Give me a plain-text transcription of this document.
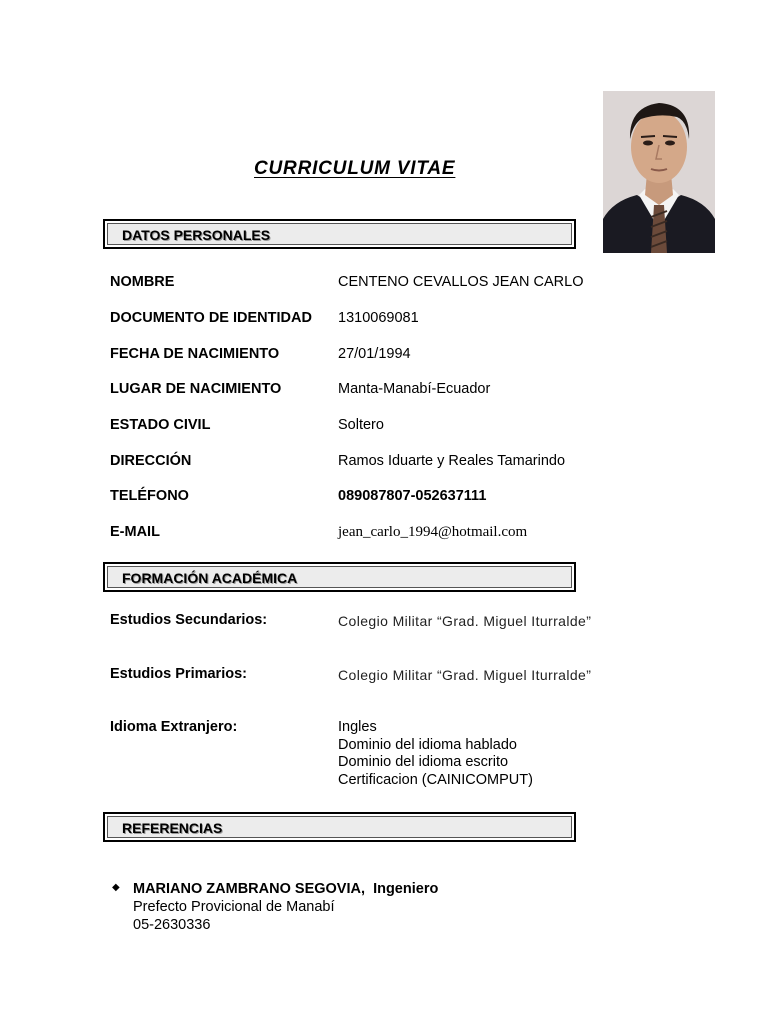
CURRICULUM VITAE
DATOS PERSONALES
NOMBRE	CENTENO CEVALLOS JEAN CARLO
DOCUMENTO DE IDENTIDAD 1310069081
FECHA DE NACIMIENTO	27/01/1994
LUGAR DE NACIMIENTO	Manta-Manabí-Ecuador
ESTADO CIVIL	Soltero
DIRECCIÓN	Ramos Iduarte y Reales Tamarindo
TELÉFONO	089087807-052637111
E-MAIL	jean_carlo_1994@hotmail.com
FORMACIÓN ACADÉMICA
Estudios Secundarios:	Colegio Militar “Grad. Miguel Iturralde”
Estudios Primarios:	Colegio Militar “Grad. Miguel Iturralde”
Idioma Extranjero:	Ingles
Dominio del idioma hablado
Dominio del idioma escrito
Certificacion (CAINICOMPUT)
REFERENCIAS
◆ MARIANO ZAMBRANO SEGOVIA, Ingeniero
Prefecto Provicional de Manabí
05-2630336
